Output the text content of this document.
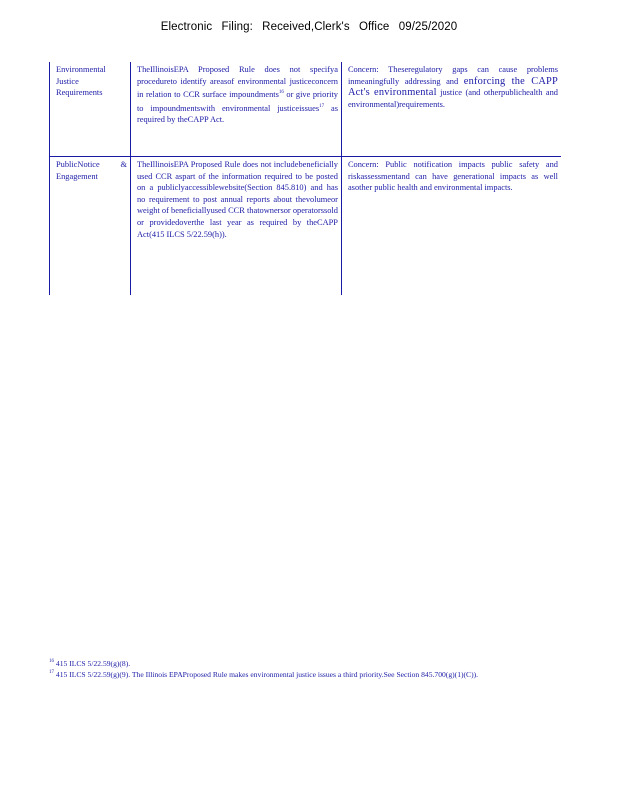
Electronic Filing: Received,Clerk's Office 09/25/2020
Environmental Justice Requirements	TheIllinoisEPA Proposed Rule does not specifya procedureto identify areasof environmental justiceconcern in relation to CCR surface impoundments$^{16}$ or give priority to impoundmentswith environmental justiceissues$^{17}$ as required by theCAPP Act.	Concern: Theseregulatory gaps can cause problems inmeaningfully addressing and enforcing the CAPP Act's environmental justice (and otherpublichealth and environmental)requirements.
PublicNotice & Engagement	TheIllinoisEPA Proposed Rule does not includebeneficially used CCR aspart of the information required to be posted on a publiclyaccessiblewebsite(Section 845.810) and has no requirement to post annual reports about thevolumeor weight of beneficiallyused CCR thatownersor operatorssold or providedoverthe last year as required by theCAPP Act(415 ILCS 5/22.59(h)).	Concern: Public notification impacts public safety and riskassessmentand can have generational impacts as well asother public health and environmental impacts.
$^{16}$ 415 ILCS 5/22.59(g)(8).
$^{17}$ 415 ILCS 5/22.59(g)(9). The Illinois EPAProposed Rule makes environmental justice issues a third priority.See Section 845.700(g)(1)(C)).
